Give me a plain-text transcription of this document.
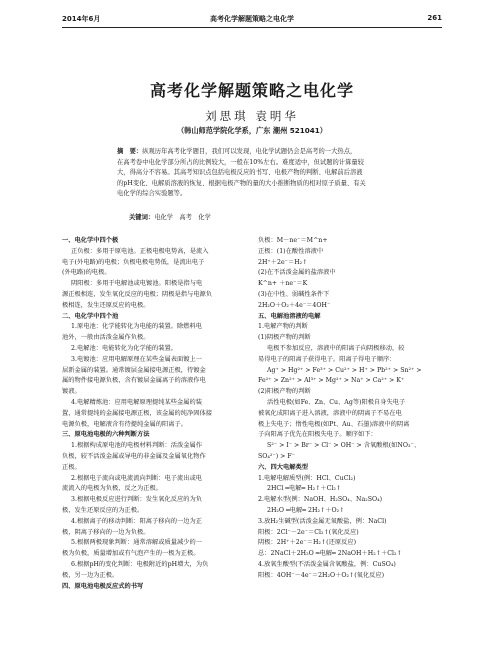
2014年6月	高考化学解题策略之电化学	261
高考化学解题策略之电化学
刘思琪 袁明华
（韩山师范学院化学系，广东 潮州 521041）
摘　要：纵观历年高考化学题目，我们可以发现，电化学试题仍会是高考的一大热点，
在高考卷中电化学部分所占的比例较大，一般在10%左右。难度适中，但试题的计算量较
大，得高分不容易。其高考知识点包括电极反应的书写、电极产物的判断、电解前后溶液
的pH变化、电解质溶液的恢复、根据电极产物的量的大小推断物质的相对原子质量、有关
电化学的综合实验题等。
关键词：电化学　高考　化学

一、电化学中四个极

正负极：多用于原电池。正极电极电势高，是流入

电子(外电路)的电极；负极电极电势低，是流出电子

(外电路)的电极。

阴阳极：多用于电解池或电镀池。阳极是指与电

源正极相连，发生氧化反应的电极；阴极是指与电源负

极相连，发生还原反应的电极。

二、电化学中四个池

1.原电池：化学能转化为电能的装置。除燃料电

池外，一般由活泼金属作负极。

2.电解池：电能转化为化学能的装置。

3.电镀池：应用电解原理在某些金属表面镀上一

层新金属的装置。通常镀层金属接电源正极，待镀金

属的物件接电源负极，含有镀层金属离子的溶液作电

镀液。

4.电解精炼池：应用电解原理提纯某些金属的装

置，通常提纯的金属接电源正极，该金属的纯净固体接

电源负极，电解液含有待提纯金属的阳离子。

三、原电池电极的六种判断方法

1.根据构成原电池的电极材料判断：活泼金属作

负极，较不活泼金属或导电的非金属及金属氧化物作

正极。

2.根据电子流向或电流流向判断：电子流出或电

流流入的电极为负极，反之为正极。

3.根据电极反应进行判断：发生氧化反应的为负

极，发生还原反应的为正极。

4.根据离子的移动判断：阳离子移向的一边为正

极，阴离子移向的一边为负极。

5.根据两极现象判断：通常溶解或质量减少的一

极为负极，质量增加或有气泡产生的一极为正极。

6.根据pH的变化判断：电极附近的pH增大，为负

极，另一边为正极。

四、原电池电极反应式的书写

负极：M－ne⁻＝M^n+

正极：(1)在酸性溶液中

2H⁺＋2e⁻＝H₂↑

(2)在不活泼金属的盐溶液中

K^n+ ＋ne⁻＝K

(3)在中性、弱碱性条件下

2H₂O＋O₂＋4e⁻＝4OH⁻

五、电解池溶液的电解

1.电解产物的判断

(1)阴极产物的判断

电极不参加反应，溶液中的阳离子向阴极移动，较

易得电子的阳离子获得电子。阳离子得电子顺序：

Ag⁺ > Hg²⁺ > Fe³⁺ > Cu²⁺ > H⁺ > Pb²⁺ > Sn²⁺ >

Fe²⁺ > Zn²⁺ > Al³⁺ > Mg²⁺ > Na⁺ > Ca²⁺ > K⁺

(2)阳极产物的判断

活性电极(如Fe、Zn、Cu、Ag等)阳极自身失电子

被氧化成阳离子进入溶液，溶液中的阴离子不易在电

极上失电子；惰性电极(如Pt、Au、石墨)溶液中的阴离

子向阳离子优先在阳极失电子。顺序如下：

S²⁻ > I⁻ > Br⁻ > Cl⁻ > OH⁻ > 含氧酸根(如NO₃⁻、

SO₄²⁻) > F⁻

六、四大电解类型

1.电解电解质型(例：HCl、CuCl₂)

2HCl ═电解═ H₂↑＋Cl₂↑

2.电解水型(例：NaOH、H₂SO₄、Na₂SO₄)

2H₂O ═电解═ 2H₂↑＋O₂↑

3.放H₂生碱型(活泼金属无氧酸盐，例：NaCl)

阳极：2Cl⁻－2e⁻＝Cl₂↑(氧化反应)

阴极：2H⁺＋2e⁻＝H₂↑(还原反应)

总：2NaCl＋2H₂O ═电解═ 2NaOH＋H₂↑＋Cl₂↑

4.放氧生酸型(不活泼金属含氧酸盐，例：CuSO₄)

阳极：4OH⁻－4e⁻＝2H₂O＋O₂↑(氧化反应)
